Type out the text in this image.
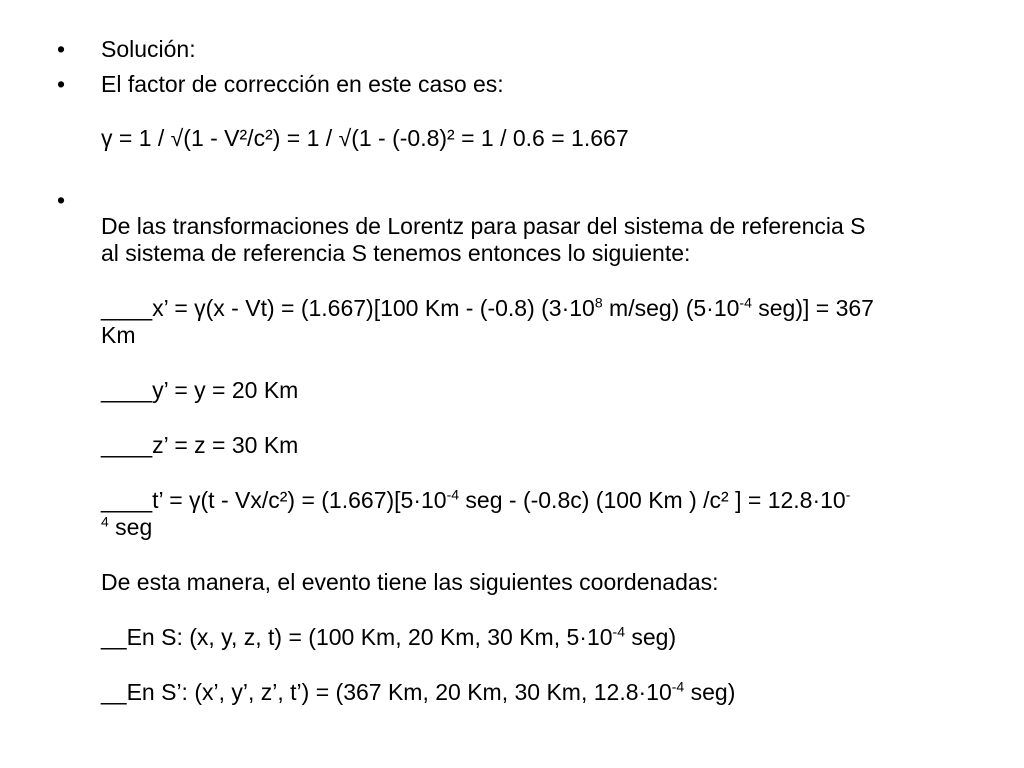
• Solución:
• El factor de corrección en este caso es:
γ = 1 / √(1 - V²/c²) = 1 / √(1 - (-0.8)² = 1 / 0.6 = 1.667
•
De las transformaciones de Lorentz para pasar del sistema de referencia S
al sistema de referencia S tenemos entonces lo siguiente:
____x’ = γ(x - Vt) = (1.667)[100 Km - (-0.8) ($3\cdot 10^8$ m/seg) ($5\cdot 10^{-4}$ seg)] = 367
Km
____y’ = y = 20 Km
____z’ = z = 30 Km
____t’ = $\gamma(t - Vx/c^2) = (1.667)[5\cdot 10^{-4}$ seg - (-0.8c) (100 Km ) /c² ] = 12.8·10-
$^4$ seg
De esta manera, el evento tiene las siguientes coordenadas:
__En S: (x, y, z, t) = (100 Km, 20 Km, 30 Km, $5\cdot 10^{-4}$ seg)
__En S’: (x’, y’, z’, t’) = (367 Km, 20 Km, 30 Km, $12.8\cdot 10^{-4}$ seg)
